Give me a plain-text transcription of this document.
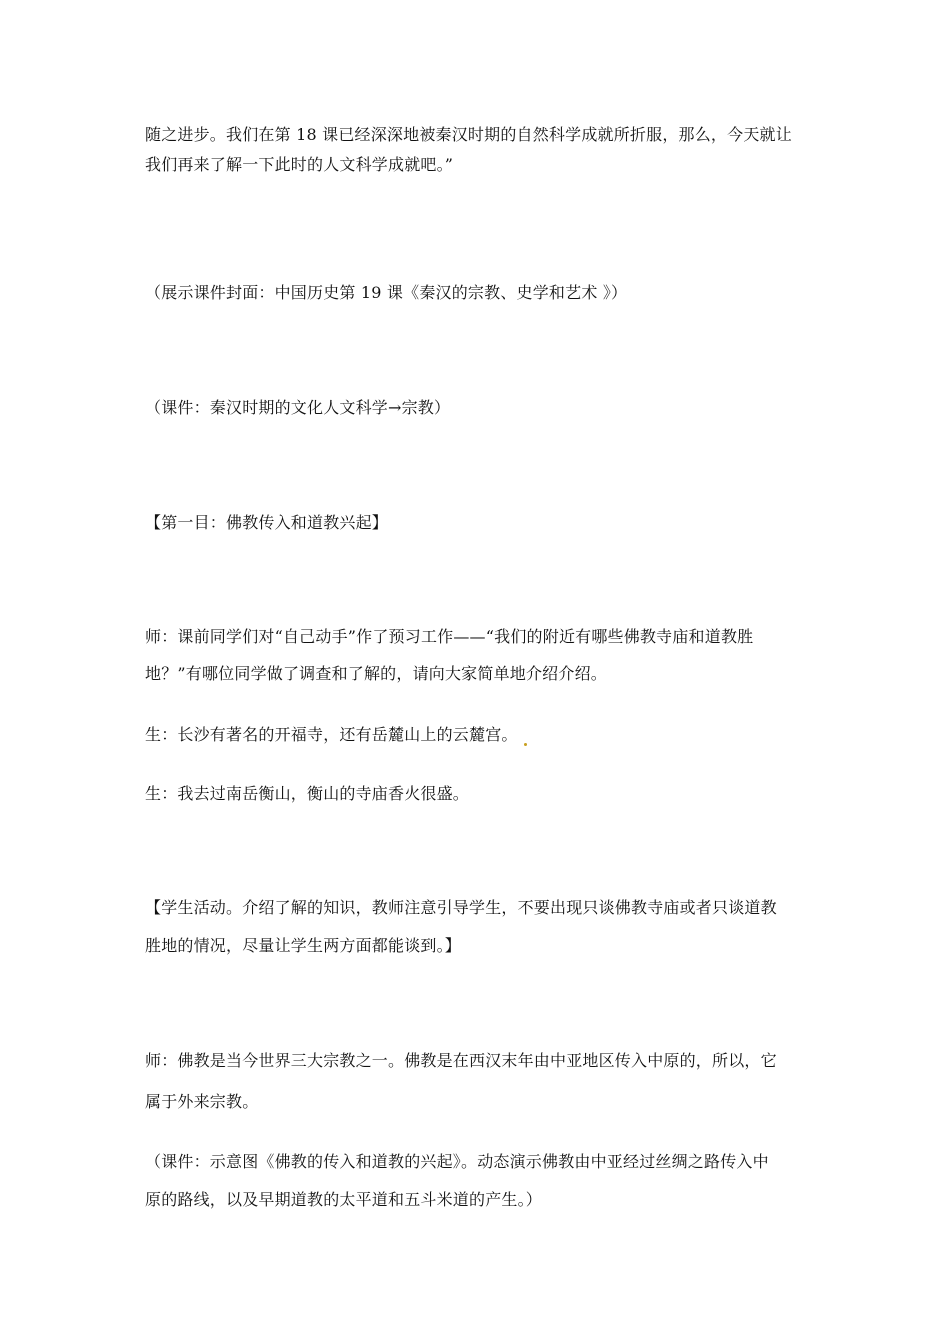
随之进步。我们在第 18 课已经深深地被秦汉时期的自然科学成就所折服，那么，今天就让
我们再来了解一下此时的人文科学成就吧。”
（展示课件封面：中国历史第 19 课《秦汉的宗教、史学和艺术 》）
（课件：秦汉时期的文化人文科学→宗教）
【第一目：佛教传入和道教兴起】
师：课前同学们对“自己动手”作了预习工作——“我们的附近有哪些佛教寺庙和道教胜
地？”有哪位同学做了调查和了解的，请向大家简单地介绍介绍。
生：长沙有著名的开福寺，还有岳麓山上的云麓宫。
生：我去过南岳衡山，衡山的寺庙香火很盛。
【学生活动。介绍了解的知识，教师注意引导学生，不要出现只谈佛教寺庙或者只谈道教
胜地的情况，尽量让学生两方面都能谈到。】
师：佛教是当今世界三大宗教之一。佛教是在西汉末年由中亚地区传入中原的，所以，它
属于外来宗教。
（课件：示意图《佛教的传入和道教的兴起》。动态演示佛教由中亚经过丝绸之路传入中
原的路线，以及早期道教的太平道和五斗米道的产生。）
